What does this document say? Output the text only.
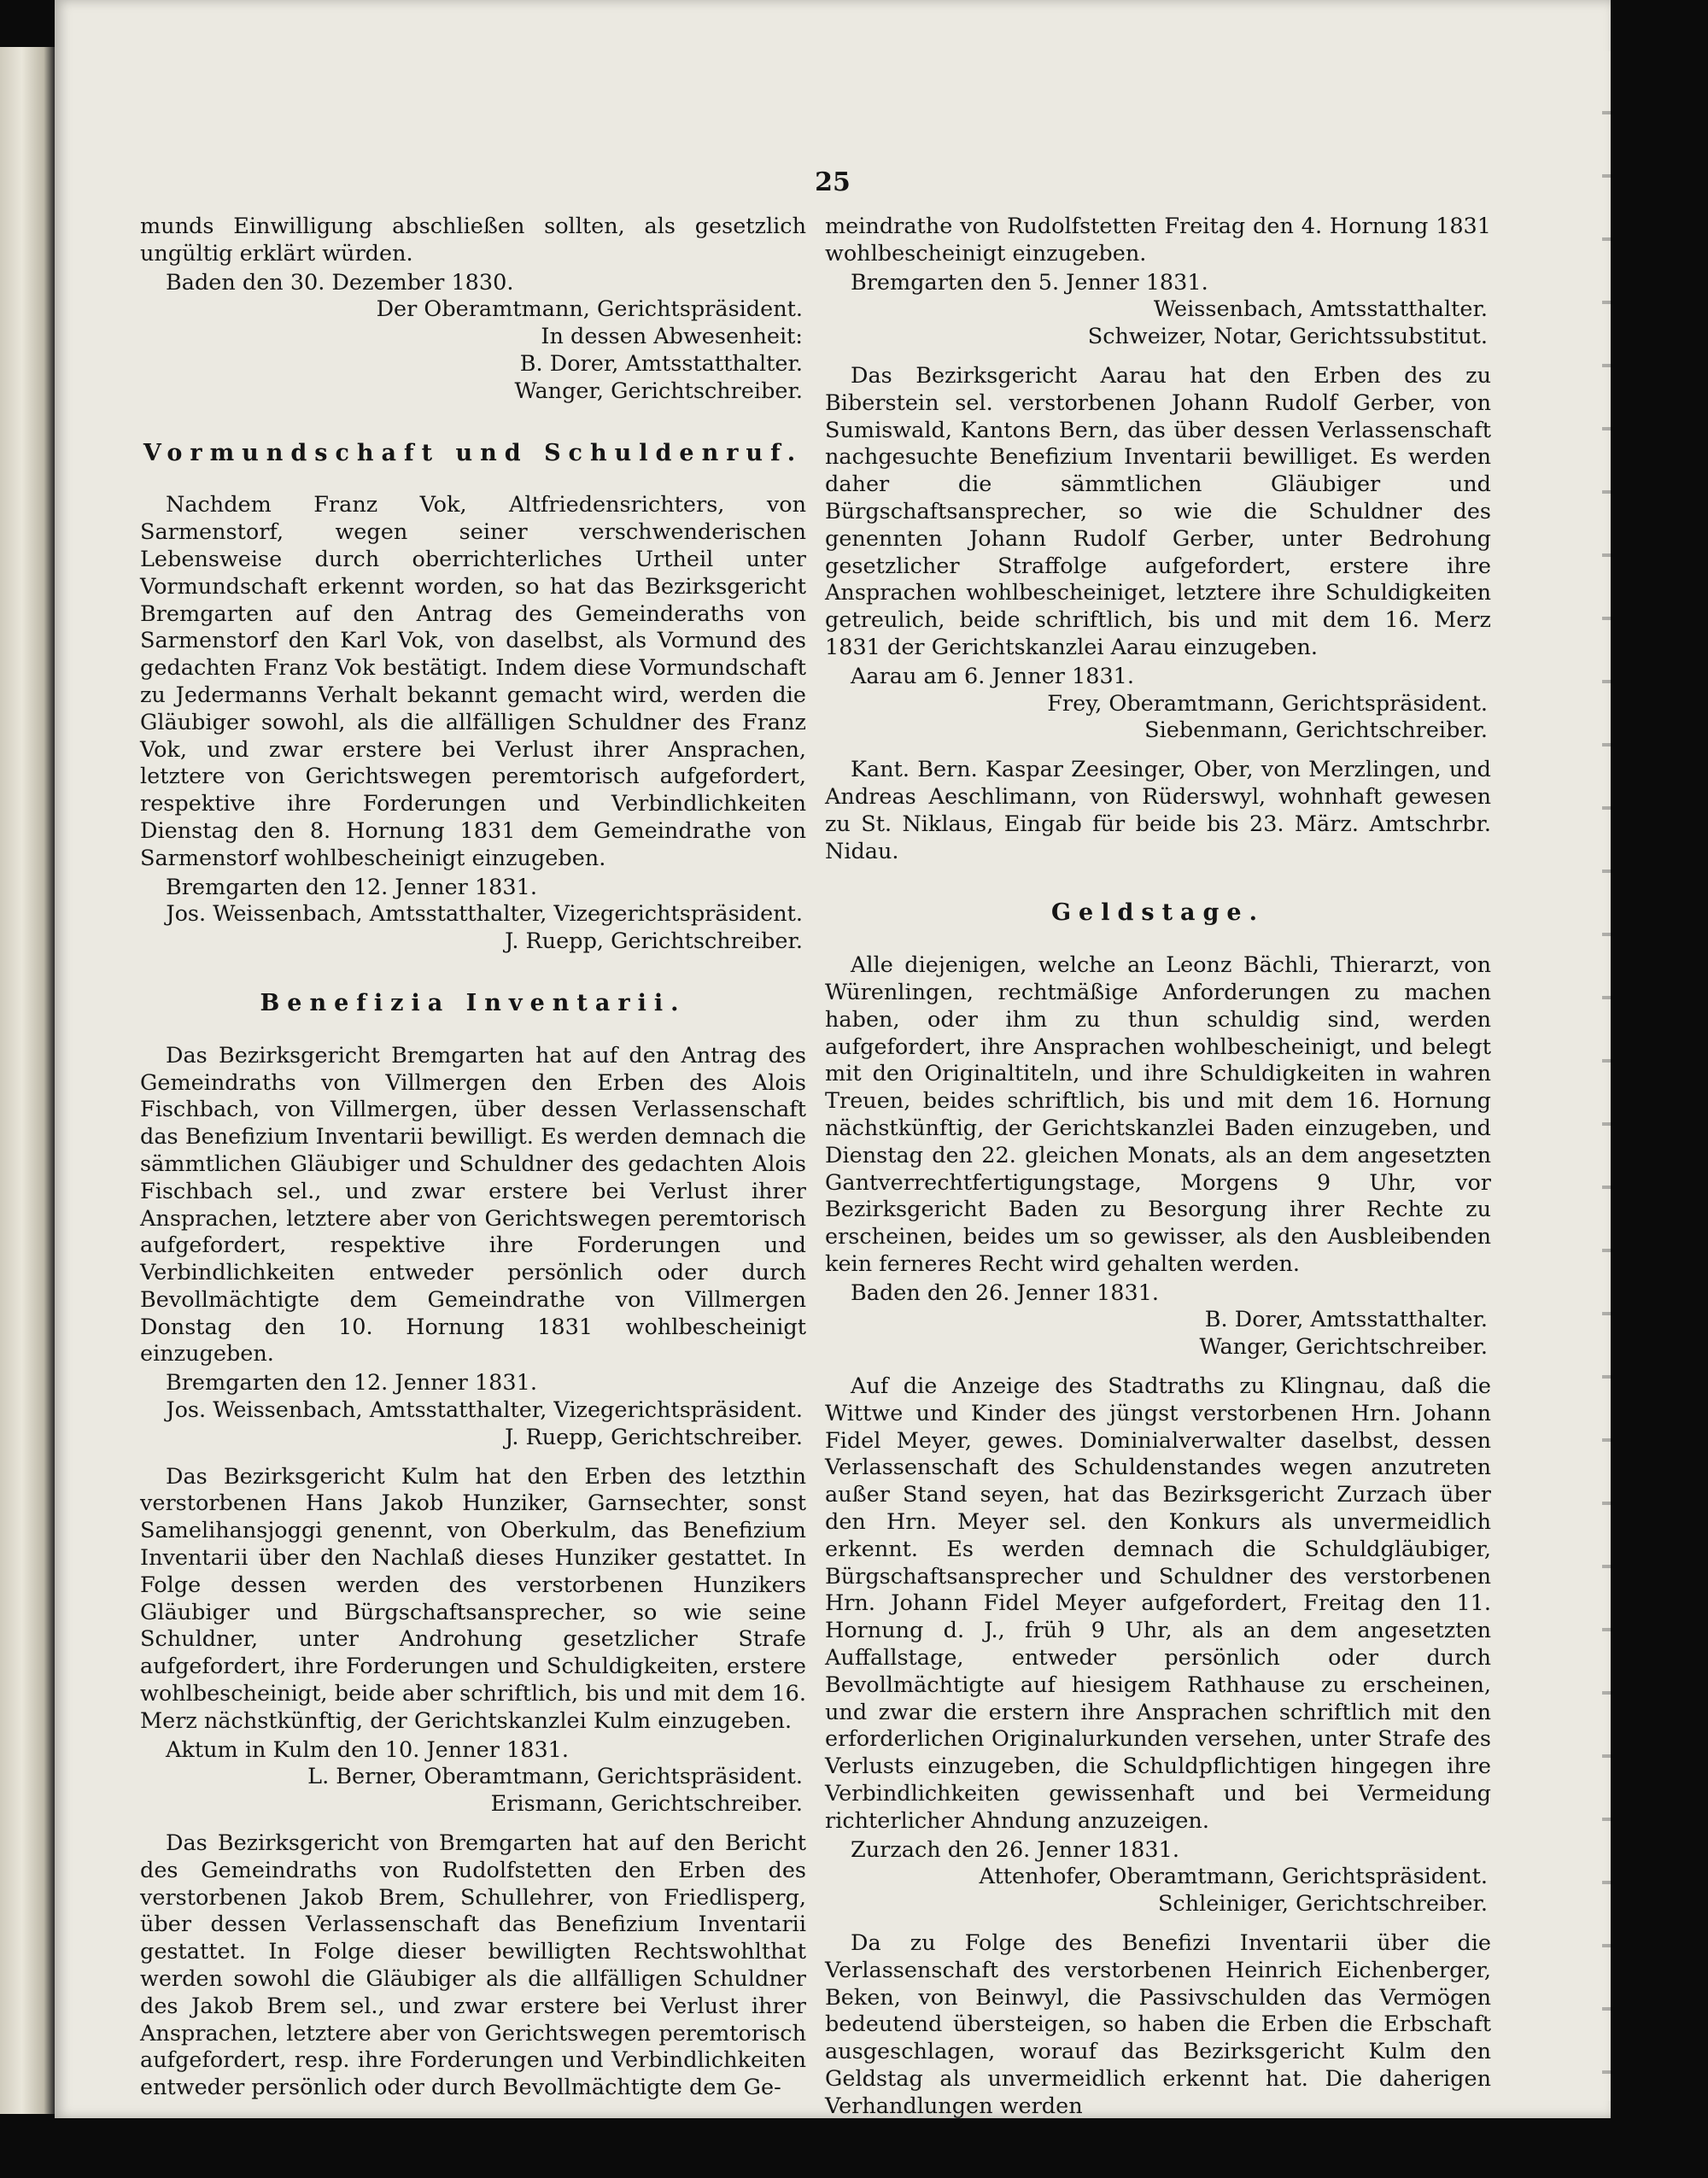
25

munds Einwilligung abschließen sollten, als gesetzlich ungültig erklärt würden.

Baden den 30. Dezember 1830.

Der Oberamtmann, Gerichtspräsident.

In dessen Abwesenheit:

B. Dorer, Amtsstatthalter.

Wanger, Gerichtschreiber.

Vormundschaft und Schuldenruf.

Nachdem Franz Vok, Altfriedensrichters, von Sarmenstorf, wegen seiner verschwenderischen Lebensweise durch oberrichterliches Urtheil unter Vormundschaft erkennt worden, so hat das Bezirksgericht Bremgarten auf den Antrag des Gemeinderaths von Sarmenstorf den Karl Vok, von daselbst, als Vormund des gedachten Franz Vok bestätigt. Indem diese Vormundschaft zu Jedermanns Verhalt bekannt gemacht wird, werden die Gläubiger sowohl, als die allfälligen Schuldner des Franz Vok, und zwar erstere bei Verlust ihrer Ansprachen, letztere von Gerichtswegen peremtorisch aufgefordert, respektive ihre Forderungen und Verbindlichkeiten Dienstag den 8. Hornung 1831 dem Gemeindrathe von Sarmenstorf wohlbescheinigt einzugeben.

Bremgarten den 12. Jenner 1831.

Jos. Weissenbach, Amtsstatthalter, Vizegerichtspräsident.

J. Ruepp, Gerichtschreiber.

Benefizia Inventarii.

Das Bezirksgericht Bremgarten hat auf den Antrag des Gemeindraths von Villmergen den Erben des Alois Fischbach, von Villmergen, über dessen Verlassenschaft das Benefizium Inventarii bewilligt. Es werden demnach die sämmtlichen Gläubiger und Schuldner des gedachten Alois Fischbach sel., und zwar erstere bei Verlust ihrer Ansprachen, letztere aber von Gerichtswegen peremtorisch aufgefordert, respektive ihre Forderungen und Verbindlichkeiten entweder persönlich oder durch Bevollmächtigte dem Gemeindrathe von Villmergen Donstag den 10. Hornung 1831 wohlbescheinigt einzugeben.

Bremgarten den 12. Jenner 1831.

Jos. Weissenbach, Amtsstatthalter, Vizegerichtspräsident.

J. Ruepp, Gerichtschreiber.

Das Bezirksgericht Kulm hat den Erben des letzthin verstorbenen Hans Jakob Hunziker, Garnsechter, sonst Samelihansjoggi genennt, von Oberkulm, das Benefizium Inventarii über den Nachlaß dieses Hunziker gestattet. In Folge dessen werden des verstorbenen Hunzikers Gläubiger und Bürgschaftsansprecher, so wie seine Schuldner, unter Androhung gesetzlicher Strafe aufgefordert, ihre Forderungen und Schuldigkeiten, erstere wohlbescheinigt, beide aber schriftlich, bis und mit dem 16. Merz nächstkünftig, der Gerichtskanzlei Kulm einzugeben.

Aktum in Kulm den 10. Jenner 1831.

L. Berner, Oberamtmann, Gerichtspräsident.

Erismann, Gerichtschreiber.

Das Bezirksgericht von Bremgarten hat auf den Bericht des Gemeindraths von Rudolfstetten den Erben des verstorbenen Jakob Brem, Schullehrer, von Friedlisperg, über dessen Verlassenschaft das Benefizium Inventarii gestattet. In Folge dieser bewilligten Rechtswohlthat werden sowohl die Gläubiger als die allfälligen Schuldner des Jakob Brem sel., und zwar erstere bei Verlust ihrer Ansprachen, letztere aber von Gerichtswegen peremtorisch aufgefordert, resp. ihre Forderungen und Verbindlichkeiten entweder persönlich oder durch Bevollmächtigte dem Ge-

meindrathe von Rudolfstetten Freitag den 4. Hornung 1831 wohlbescheinigt einzugeben.

Bremgarten den 5. Jenner 1831.

Weissenbach, Amtsstatthalter.

Schweizer, Notar, Gerichtssubstitut.

Das Bezirksgericht Aarau hat den Erben des zu Biberstein sel. verstorbenen Johann Rudolf Gerber, von Sumiswald, Kantons Bern, das über dessen Verlassenschaft nachgesuchte Benefizium Inventarii bewilliget. Es werden daher die sämmtlichen Gläubiger und Bürgschaftsansprecher, so wie die Schuldner des genennten Johann Rudolf Gerber, unter Bedrohung gesetzlicher Straffolge aufgefordert, erstere ihre Ansprachen wohlbescheiniget, letztere ihre Schuldigkeiten getreulich, beide schriftlich, bis und mit dem 16. Merz 1831 der Gerichtskanzlei Aarau einzugeben.

Aarau am 6. Jenner 1831.

Frey, Oberamtmann, Gerichtspräsident.

Siebenmann, Gerichtschreiber.

Kant. Bern. Kaspar Zeesinger, Ober, von Merzlingen, und Andreas Aeschlimann, von Rüderswyl, wohnhaft gewesen zu St. Niklaus, Eingab für beide bis 23. März. Amtschrbr. Nidau.

Geldstage.

Alle diejenigen, welche an Leonz Bächli, Thierarzt, von Würenlingen, rechtmäßige Anforderungen zu machen haben, oder ihm zu thun schuldig sind, werden aufgefordert, ihre Ansprachen wohlbescheinigt, und belegt mit den Originaltiteln, und ihre Schuldigkeiten in wahren Treuen, beides schriftlich, bis und mit dem 16. Hornung nächstkünftig, der Gerichtskanzlei Baden einzugeben, und Dienstag den 22. gleichen Monats, als an dem angesetzten Gantverrechtfertigungstage, Morgens 9 Uhr, vor Bezirksgericht Baden zu Besorgung ihrer Rechte zu erscheinen, beides um so gewisser, als den Ausbleibenden kein ferneres Recht wird gehalten werden.

Baden den 26. Jenner 1831.

B. Dorer, Amtsstatthalter.

Wanger, Gerichtschreiber.

Auf die Anzeige des Stadtraths zu Klingnau, daß die Wittwe und Kinder des jüngst verstorbenen Hrn. Johann Fidel Meyer, gewes. Dominialverwalter daselbst, dessen Verlassenschaft des Schuldenstandes wegen anzutreten außer Stand seyen, hat das Bezirksgericht Zurzach über den Hrn. Meyer sel. den Konkurs als unvermeidlich erkennt. Es werden demnach die Schuldgläubiger, Bürgschaftsansprecher und Schuldner des verstorbenen Hrn. Johann Fidel Meyer aufgefordert, Freitag den 11. Hornung d. J., früh 9 Uhr, als an dem angesetzten Auffallstage, entweder persönlich oder durch Bevollmächtigte auf hiesigem Rathhause zu erscheinen, und zwar die erstern ihre Ansprachen schriftlich mit den erforderlichen Originalurkunden versehen, unter Strafe des Verlusts einzugeben, die Schuldpflichtigen hingegen ihre Verbindlichkeiten gewissenhaft und bei Vermeidung richterlicher Ahndung anzuzeigen.

Zurzach den 26. Jenner 1831.

Attenhofer, Oberamtmann, Gerichtspräsident.

Schleiniger, Gerichtschreiber.

Da zu Folge des Benefizi Inventarii über die Verlassenschaft des verstorbenen Heinrich Eichenberger, Beken, von Beinwyl, die Passivschulden das Vermögen bedeutend übersteigen, so haben die Erben die Erbschaft ausgeschlagen, worauf das Bezirksgericht Kulm den Geldstag als unvermeidlich erkennt hat. Die daherigen Verhandlungen werden
